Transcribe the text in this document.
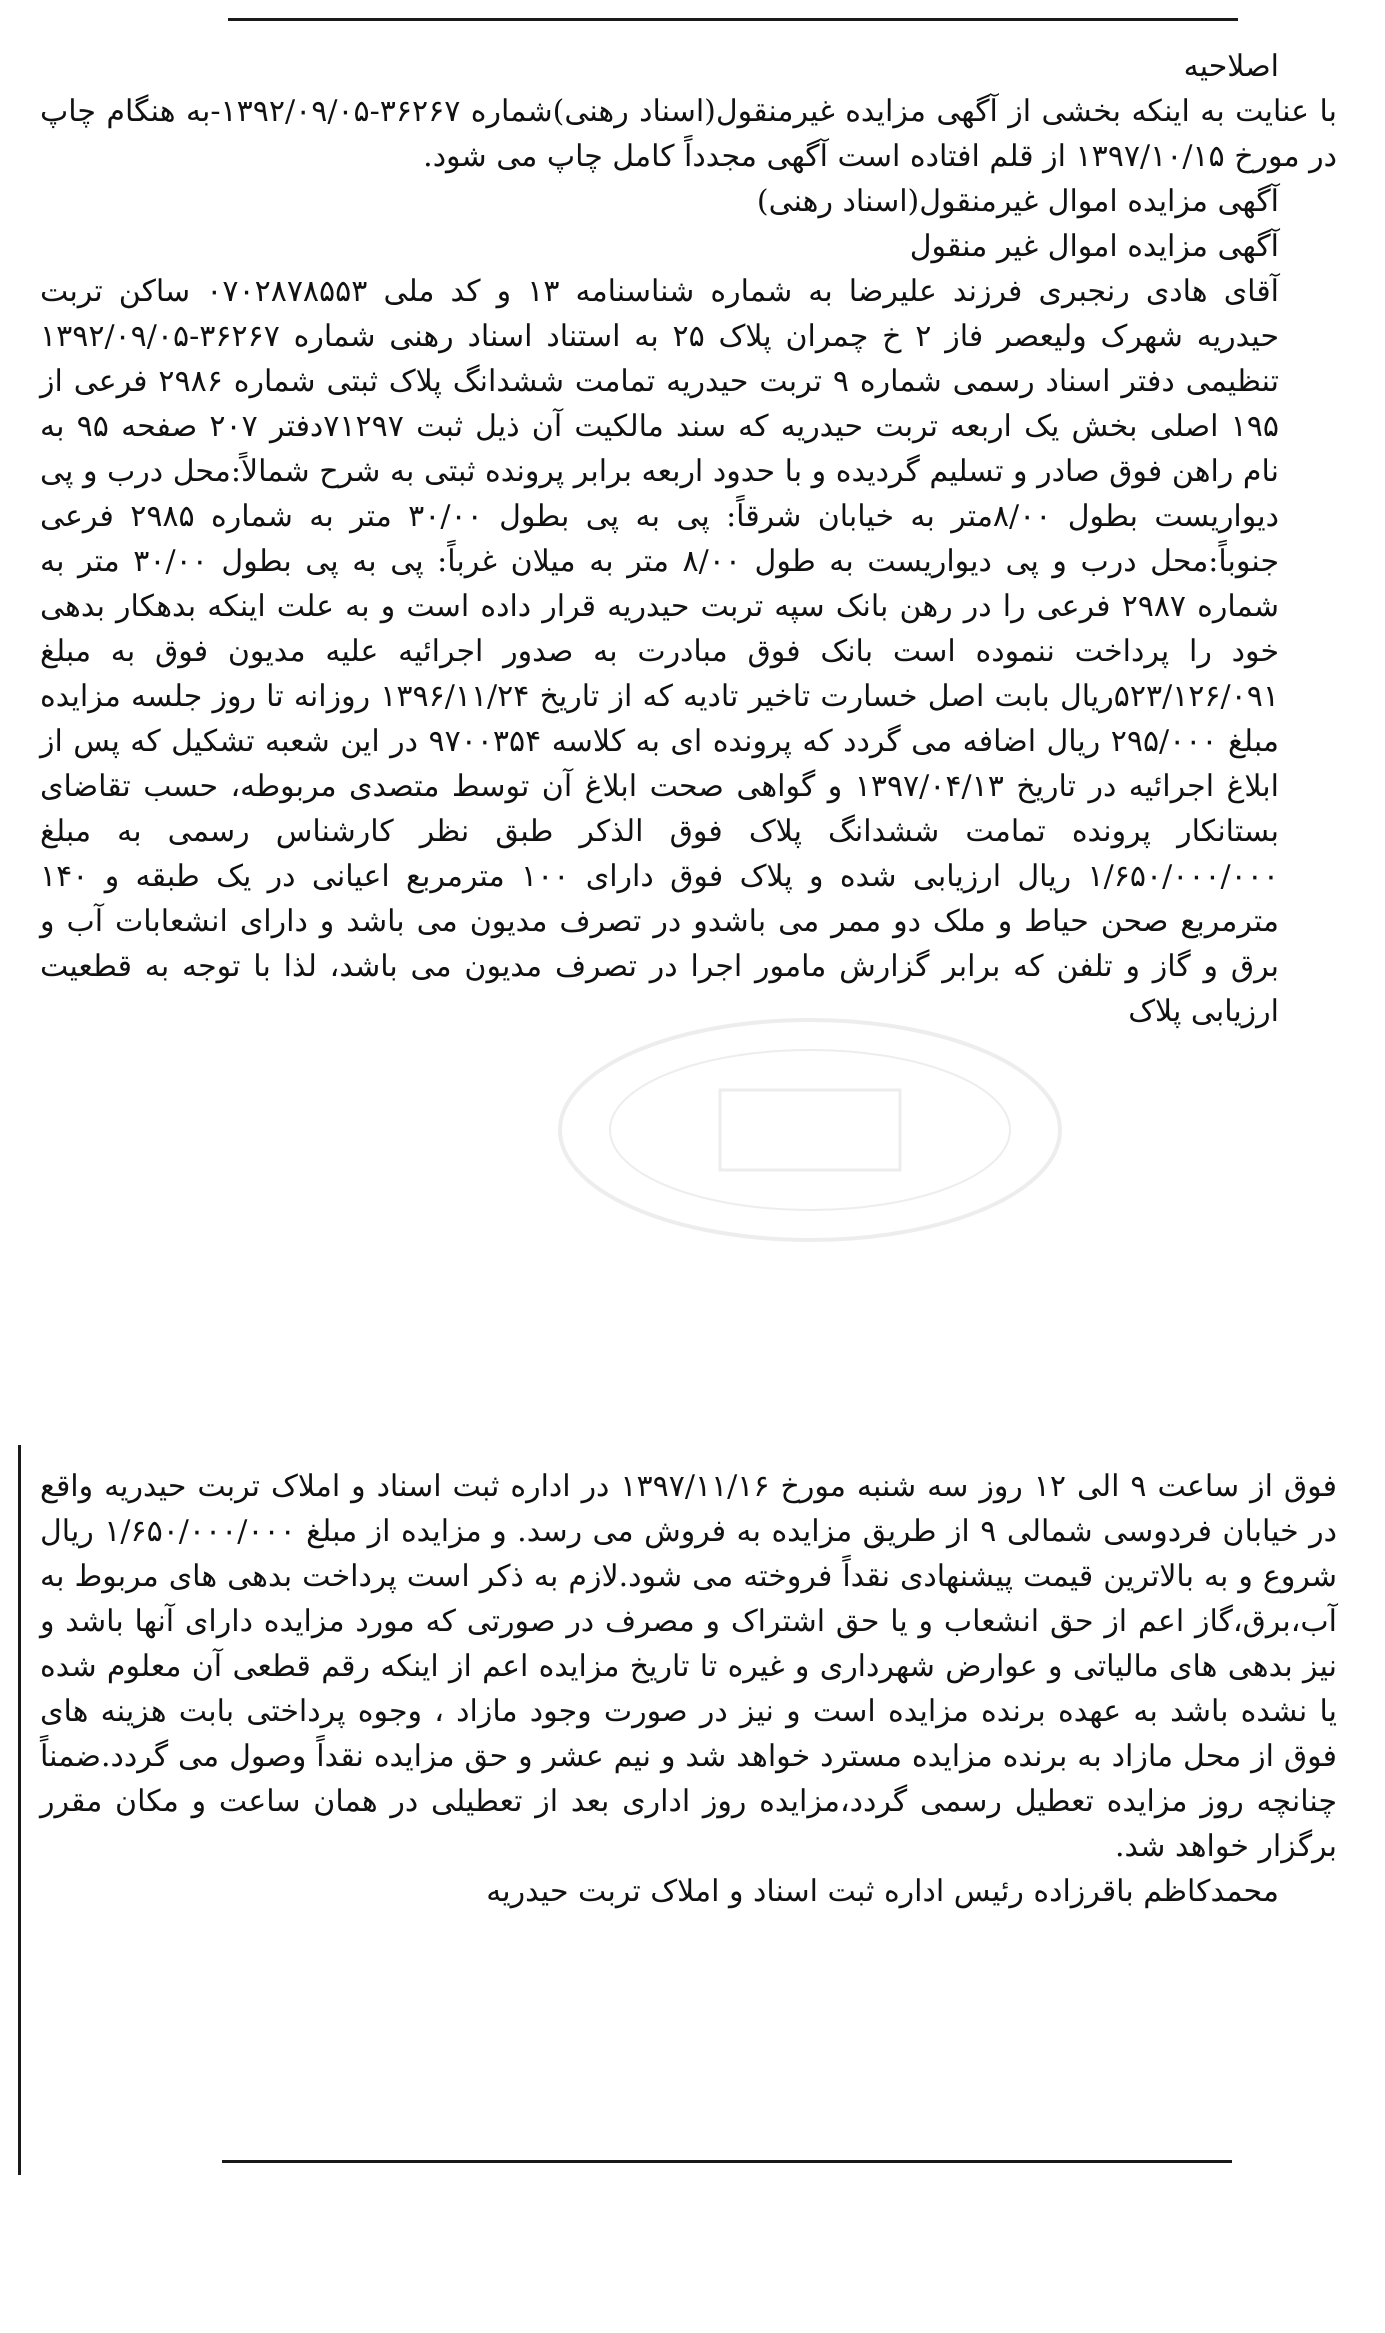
اصلاحیه

با عنایت به اینکه بخشی از آگهی مزایده غیرمنقول(اسناد رهنی)شماره ۳۶۲۶۷-۱۳۹۲/۰۹/۰۵-به هنگام چاپ در مورخ ۱۳۹۷/۱۰/۱۵ از قلم افتاده است آگهی مجدداً کامل چاپ می شود.

آگهی مزایده اموال غیرمنقول(اسناد رهنی)

آگهی مزایده اموال غیر منقول

آقای هادی رنجبری فرزند علیرضا به شماره شناسنامه ۱۳ و کد ملی ۰۷۰۲۸۷۸۵۵۳ ساکن تربت حیدریه شهرک ولیعصر فاز ۲ خ چمران پلاک ۲۵ به استناد اسناد رهنی شماره ۳۶۲۶۷-۱۳۹۲/۰۹/۰۵ تنظیمی دفتر اسناد رسمی شماره ۹ تربت حیدریه تمامت ششدانگ پلاک ثبتی شماره ۲۹۸۶ فرعی از ۱۹۵ اصلی بخش یک اربعه تربت حیدریه که سند مالکیت آن ذیل ثبت ۷۱۲۹۷دفتر ۲۰۷ صفحه ۹۵ به نام راهن فوق صادر و تسلیم گردیده و با حدود اربعه برابر پرونده ثبتی به شرح شمالاً:محل درب و پی دیواریست بطول ۸/۰۰متر به خیابان شرقاً: پی به پی بطول ۳۰/۰۰ متر به شماره ۲۹۸۵ فرعی جنوباً:محل درب و پی دیواریست به طول ۸/۰۰ متر به میلان غرباً: پی به پی بطول ۳۰/۰۰ متر به شماره ۲۹۸۷ فرعی را در رهن بانک سپه تربت حیدریه قرار داده است و به علت اینکه بدهکار بدهی خود را پرداخت ننموده است بانک فوق مبادرت به صدور اجرائیه علیه مدیون فوق به مبلغ ۵۲۳/۱۲۶/۰۹۱ریال بابت اصل خسارت تاخیر تادیه که از تاریخ ۱۳۹۶/۱۱/۲۴ روزانه تا روز جلسه مزایده مبلغ ۲۹۵/۰۰۰ ریال اضافه می گردد که پرونده ای به کلاسه ۹۷۰۰۳۵۴ در این شعبه تشکیل که پس از ابلاغ اجرائیه در تاریخ ۱۳۹۷/۰۴/۱۳ و گواهی صحت ابلاغ آن توسط متصدی مربوطه، حسب تقاضای بستانکار پرونده تمامت ششدانگ پلاک فوق الذکر طبق نظر کارشناس رسمی به مبلغ ۱/۶۵۰/۰۰۰/۰۰۰ ریال ارزیابی شده و پلاک فوق دارای ۱۰۰ مترمربع اعیانی در یک طبقه و ۱۴۰ مترمربع صحن حیاط و ملک دو ممر می باشدو در تصرف مدیون می باشد و دارای انشعابات آب و برق و گاز و تلفن که برابر گزارش مامور اجرا در تصرف مدیون می باشد، لذا با توجه به قطعیت ارزیابی پلاک

فوق از ساعت ۹ الی ۱۲ روز سه شنبه مورخ ۱۳۹۷/۱۱/۱۶ در اداره ثبت اسناد و املاک تربت حیدریه واقع در خیابان فردوسی شمالی ۹ از طریق مزایده به فروش می رسد. و مزایده از مبلغ ۱/۶۵۰/۰۰۰/۰۰۰ ریال شروع و به بالاترین قیمت پیشنهادی نقداً فروخته می شود.لازم به ذکر است پرداخت بدهی های مربوط به آب،برق،گاز اعم از حق انشعاب و یا حق اشتراک و مصرف در صورتی که مورد مزایده دارای آنها باشد و نیز بدهی های مالیاتی و عوارض شهرداری و غیره تا تاریخ مزایده اعم از اینکه رقم قطعی آن معلوم شده یا نشده باشد به عهده برنده مزایده است و نیز در صورت وجود مازاد ، وجوه پرداختی بابت هزینه های فوق از محل مازاد به برنده مزایده مسترد خواهد شد و نیم عشر و حق مزایده نقداً وصول می گردد.ضمناً چنانچه روز مزایده تعطیل رسمی گردد،مزایده روز اداری بعد از تعطیلی در همان ساعت و مکان مقرر برگزار خواهد شد.

محمدکاظم باقرزاده رئیس اداره ثبت اسناد و املاک تربت حیدریه
